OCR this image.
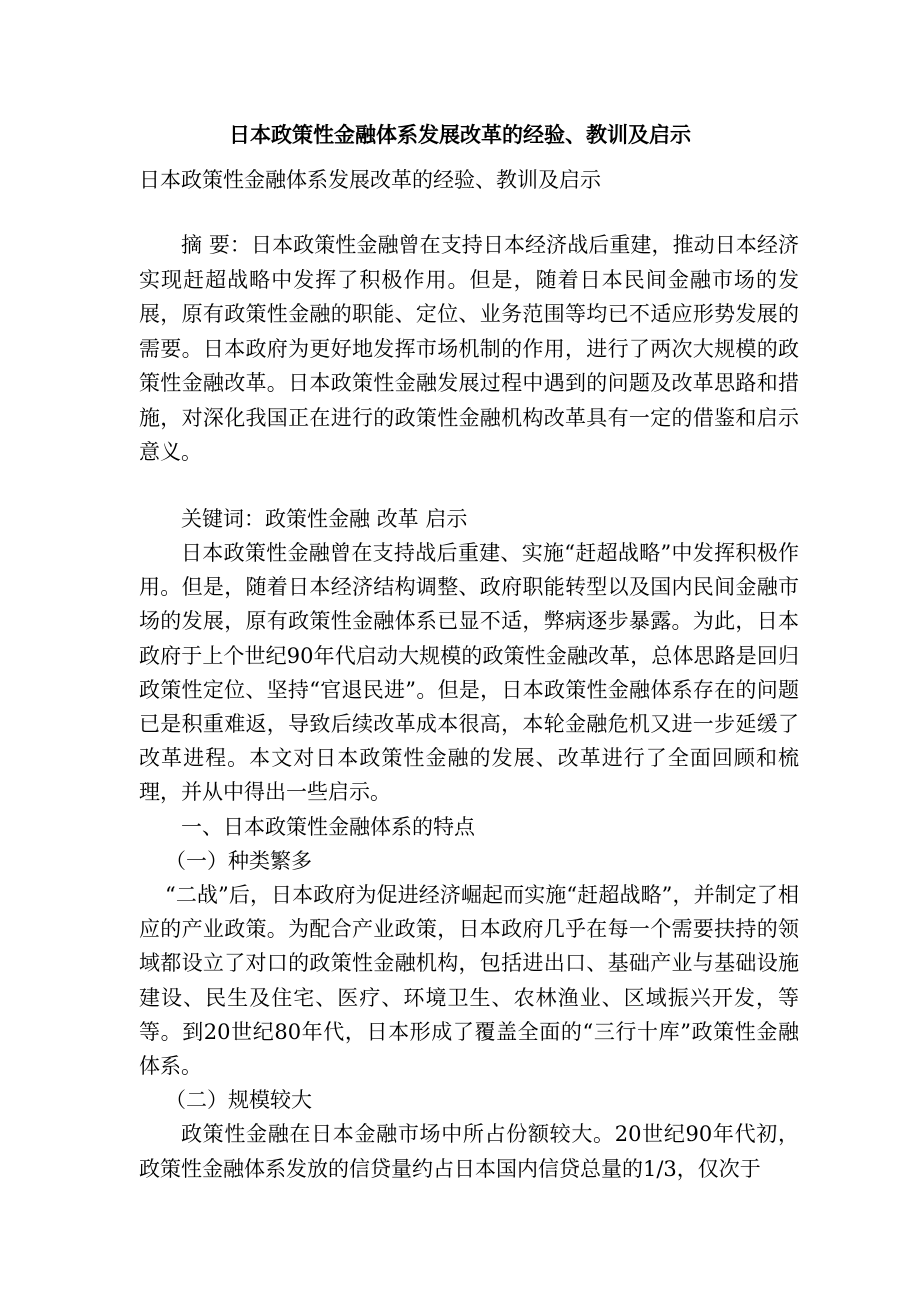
日本政策性金融体系发展改革的经验、教训及启示

日本政策性金融体系发展改革的经验、教训及启示

摘 要：日本政策性金融曾在支持日本经济战后重建，推动日本经济实现赶超战略中发挥了积极作用。但是，随着日本民间金融市场的发展，原有政策性金融的职能、定位、业务范围等均已不适应形势发展的需要。日本政府为更好地发挥市场机制的作用，进行了两次大规模的政策性金融改革。日本政策性金融发展过程中遇到的问题及改革思路和措施，对深化我国正在进行的政策性金融机构改革具有一定的借鉴和启示意义。

关键词：政策性金融 改革 启示

日本政策性金融曾在支持战后重建、实施“赶超战略”中发挥积极作用。但是，随着日本经济结构调整、政府职能转型以及国内民间金融市场的发展，原有政策性金融体系已显不适，弊病逐步暴露。为此，日本政府于上个世纪90年代启动大规模的政策性金融改革，总体思路是回归政策性定位、坚持“官退民进”。但是，日本政策性金融体系存在的问题已是积重难返，导致后续改革成本很高，本轮金融危机又进一步延缓了改革进程。本文对日本政策性金融的发展、改革进行了全面回顾和梳理，并从中得出一些启示。

一、日本政策性金融体系的特点

（一）种类繁多

“二战”后，日本政府为促进经济崛起而实施“赶超战略”，并制定了相应的产业政策。为配合产业政策，日本政府几乎在每一个需要扶持的领域都设立了对口的政策性金融机构，包括进出口、基础产业与基础设施建设、民生及住宅、医疗、环境卫生、农林渔业、区域振兴开发，等等。到20世纪80年代，日本形成了覆盖全面的“三行十库”政策性金融体系。

（二）规模较大

政策性金融在日本金融市场中所占份额较大。20世纪90年代初，政策性金融体系发放的信贷量约占日本国内信贷总量的1/3，仅次于
